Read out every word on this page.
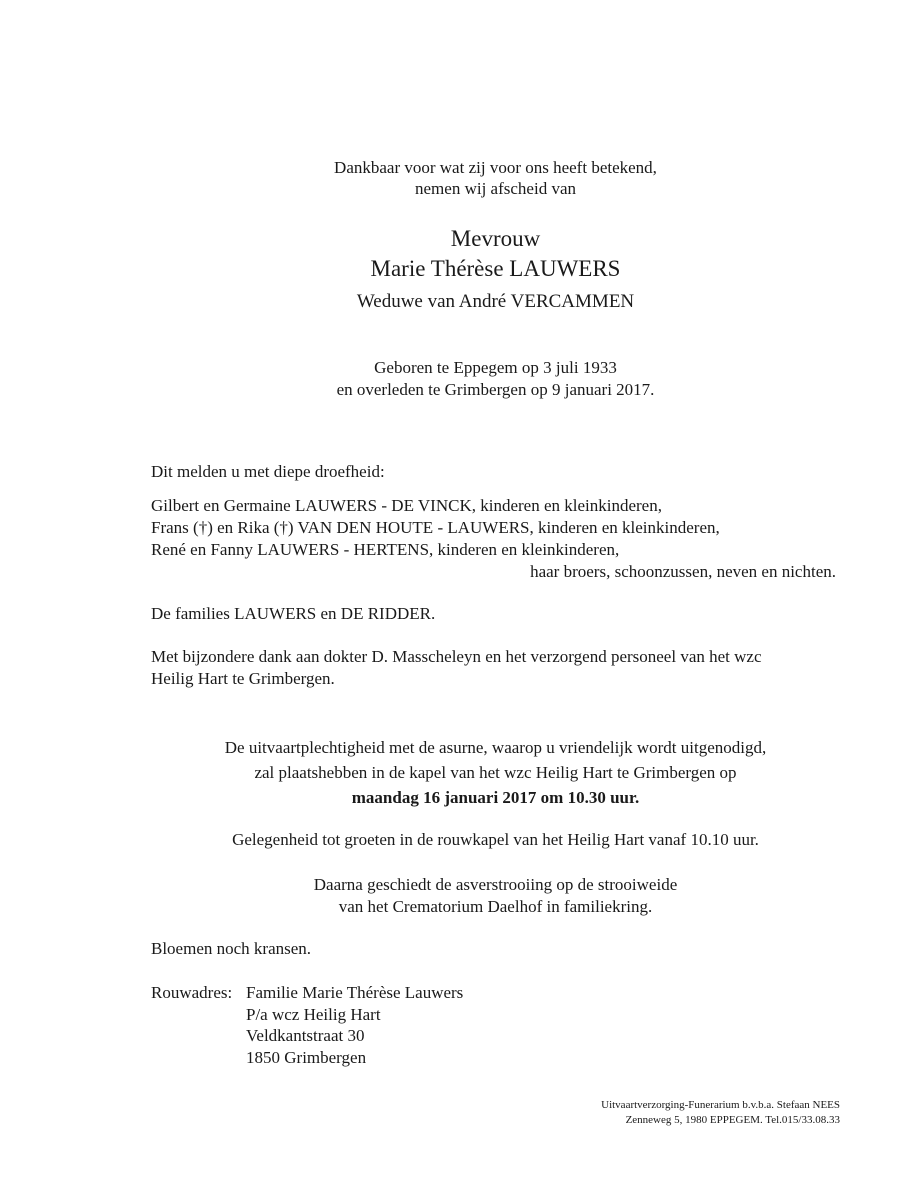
Dankbaar voor wat zij voor ons heeft betekend,
nemen wij afscheid van
Mevrouw
Marie Thérèse LAUWERS
Weduwe van André VERCAMMEN
Geboren te Eppegem op 3 juli 1933
en overleden te Grimbergen op 9 januari 2017.
Dit melden u met diepe droefheid:
Gilbert en Germaine LAUWERS - DE VINCK, kinderen en kleinkinderen,
Frans (†) en Rika (†) VAN DEN HOUTE - LAUWERS, kinderen en kleinkinderen,
René en Fanny LAUWERS - HERTENS, kinderen en kleinkinderen,
haar broers, schoonzussen, neven en nichten.
De families LAUWERS en DE RIDDER.
Met bijzondere dank aan dokter D. Masscheleyn en het verzorgend personeel van het wzc
Heilig Hart te Grimbergen.
De uitvaartplechtigheid met de asurne, waarop u vriendelijk wordt uitgenodigd,
zal plaatshebben in de kapel van het wzc Heilig Hart te Grimbergen op
maandag 16 januari 2017 om 10.30 uur.
Gelegenheid tot groeten in de rouwkapel van het Heilig Hart vanaf 10.10 uur.
Daarna geschiedt de asverstrooiing op de strooiweide
van het Crematorium Daelhof in familiekring.
Bloemen noch kransen.
Rouwadres: Familie Marie Thérèse Lauwers
P/a wcz Heilig Hart
Veldkantstraat 30
1850 Grimbergen
Uitvaartverzorging-Funerarium b.v.b.a. Stefaan NEES
Zenneweg 5, 1980 EPPEGEM. Tel.015/33.08.33
